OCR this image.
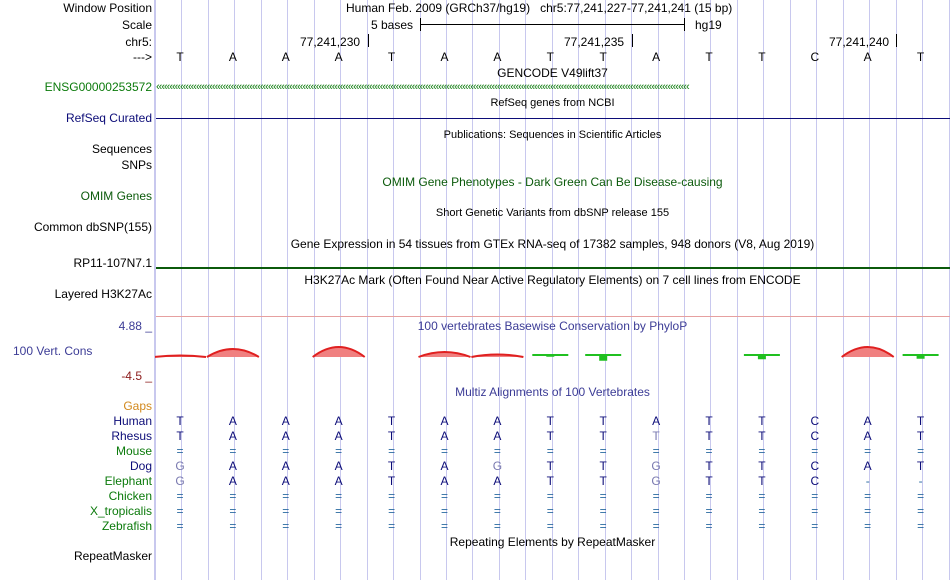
Window Position	Human Feb. 2009 (GRCh37/hg19)   chr5:77,241,227-77,241,241 (15 bp)
Scale	5 bases	hg19
chr5:	77,241,230	77,241,235	77,241,240
---> T	A	A	A	T	A	A	T	T	A	T	T	C	A	T
GENCODE V49lift37
ENSG00000253572 ‹‹‹‹‹‹‹‹‹‹‹‹‹‹‹‹‹‹‹‹‹‹‹‹‹‹‹‹‹‹‹‹‹‹‹‹‹‹‹‹‹‹‹‹‹‹‹‹‹‹‹‹‹‹‹‹‹‹‹‹‹‹‹‹‹‹‹‹‹‹‹‹‹‹‹‹‹‹‹‹‹‹‹‹‹‹‹‹‹‹‹‹‹‹‹‹‹‹‹‹‹‹‹‹‹‹‹‹‹‹‹‹‹‹‹‹‹‹‹‹‹‹‹‹‹‹‹‹‹‹‹‹‹‹‹‹‹‹‹‹‹‹‹‹‹‹‹‹‹‹‹‹‹‹‹‹‹‹‹‹‹‹‹‹‹‹‹‹‹‹‹‹‹‹‹‹‹‹‹‹‹‹‹‹‹‹‹‹‹‹‹‹‹‹‹‹‹‹‹‹
RefSeq genes from NCBI
RefSeq Curated
Publications: Sequences in Scientific Articles
Sequences
SNPs
OMIM Gene Phenotypes - Dark Green Can Be Disease-causing
OMIM Genes
Short Genetic Variants from dbSNP release 155
Common dbSNP(155)
Gene Expression in 54 tissues from GTEx RNA-seq of 17382 samples, 948 donors (V8, Aug 2019)
RP11-107N7.1
H3K27Ac Mark (Often Found Near Active Regulatory Elements) on 7 cell lines from ENCODE
Layered H3K27Ac
100 vertebrates Basewise Conservation by PhyloP
4.88 _
100 Vert. Cons
-4.5 _
Multiz Alignments of 100 Vertebrates
Gaps
Human T	A	A	A	T	A	A	T	T	A	T	T	C	A	T
Rhesus T	A	A	A	T	A	A	T	T	T	T	T	C	A	T
Mouse =	=	=	=	=	=	=	=	=	=	=	=	=	=	=
Dog G	A	A	A	T	A	G	T	T	G	T	T	C	A	T
Elephant G	A	A	A	T	A	A	T	T	G	T	T	C	-	-
Chicken =	=	=	=	=	=	=	=	=	=	=	=	=	=	=
X_tropicalis =	=	=	=	=	=	=	=	=	=	=	=	=	=	=
Zebrafish =	=	=	=	=	=	=	=	=	=	=	=	=	=	=
Repeating Elements by RepeatMasker
RepeatMasker
